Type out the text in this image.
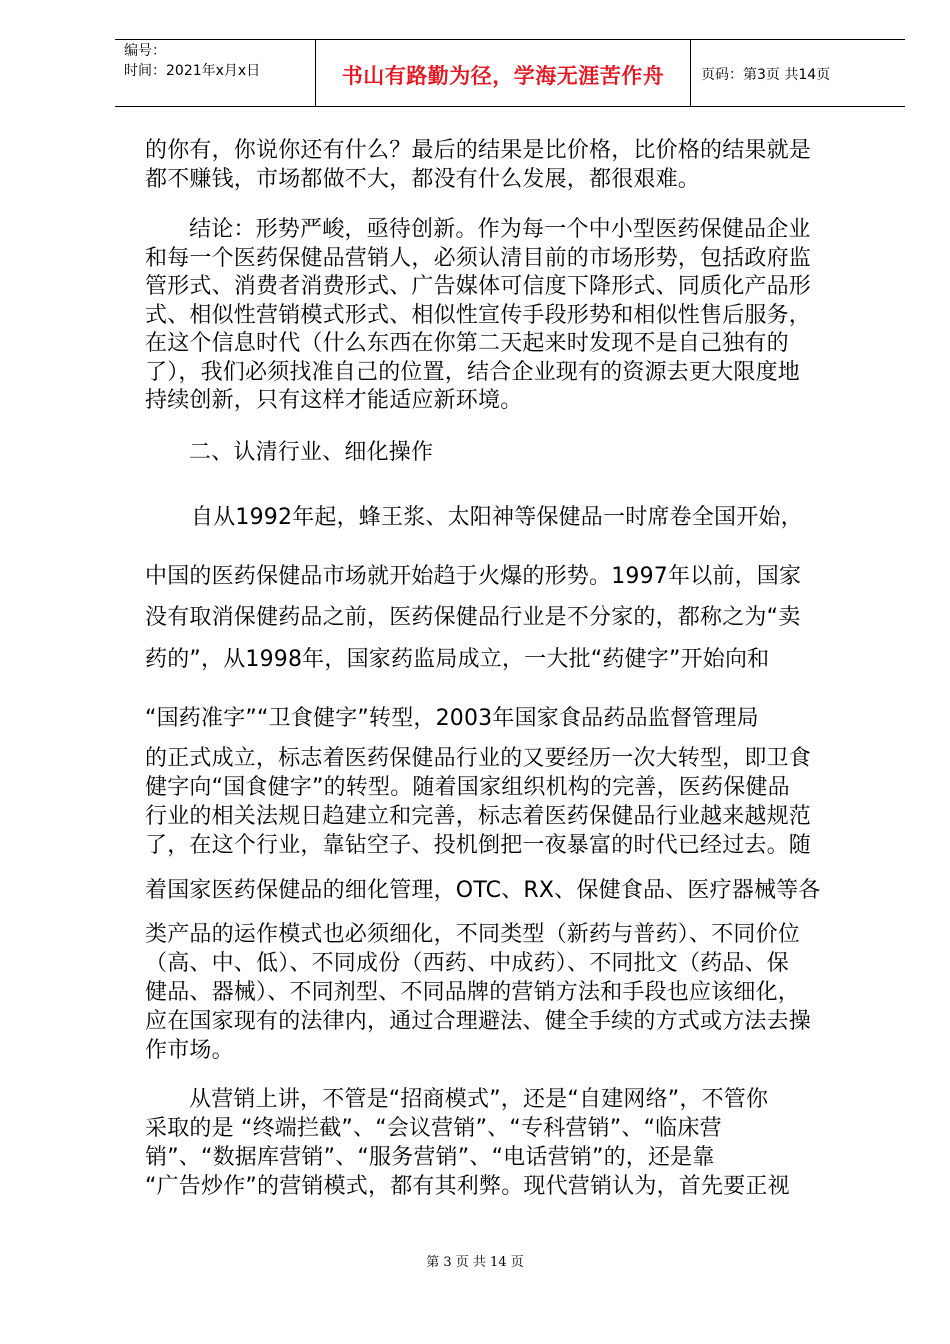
编号：
时间：2021年x月x日	书山有路勤为径，学海无涯苦作舟	页码：第3页 共14页
的你有，你说你还有什么？最后的结果是比价格，比价格的结果就是
都不赚钱，市场都做不大，都没有什么发展，都很艰难。
结论：形势严峻，亟待创新。作为每一个中小型医药保健品企业
和每一个医药保健品营销人，必须认清目前的市场形势，包括政府监
管形式、消费者消费形式、广告媒体可信度下降形式、同质化产品形
式、相似性营销模式形式、相似性宣传手段形势和相似性售后服务，
在这个信息时代（什么东西在你第二天起来时发现不是自己独有的
了），我们必须找准自己的位置，结合企业现有的资源去更大限度地
持续创新，只有这样才能适应新环境。
二、认清行业、细化操作
自从1992年起，蜂王浆、太阳神等保健品一时席卷全国开始，
中国的医药保健品市场就开始趋于火爆的形势。1997年以前，国家
没有取消保健药品之前，医药保健品行业是不分家的，都称之为“卖
药的”，从1998年，国家药监局成立，一大批“药健字”开始向和
“国药准字”“卫食健字”转型，2003年国家食品药品监督管理局
的正式成立，标志着医药保健品行业的又要经历一次大转型，即卫食
健字向“国食健字”的转型。随着国家组织机构的完善，医药保健品
行业的相关法规日趋建立和完善，标志着医药保健品行业越来越规范
了，在这个行业，靠钻空子、投机倒把一夜暴富的时代已经过去。随
着国家医药保健品的细化管理，OTC、RX、保健食品、医疗器械等各
类产品的运作模式也必须细化，不同类型（新药与普药）、不同价位
（高、中、低）、不同成份（西药、中成药）、不同批文（药品、保
健品、器械）、不同剂型、不同品牌的营销方法和手段也应该细化，
应在国家现有的法律内，通过合理避法、健全手续的方式或方法去操
作市场。
从营销上讲，不管是“招商模式”，还是“自建网络”，不管你
采取的是 “终端拦截”、“会议营销”、“专科营销”、“临床营
销”、“数据库营销”、“服务营销”、“电话营销”的，还是靠
“广告炒作”的营销模式，都有其利弊。现代营销认为，首先要正视
第 3 页 共 14 页
